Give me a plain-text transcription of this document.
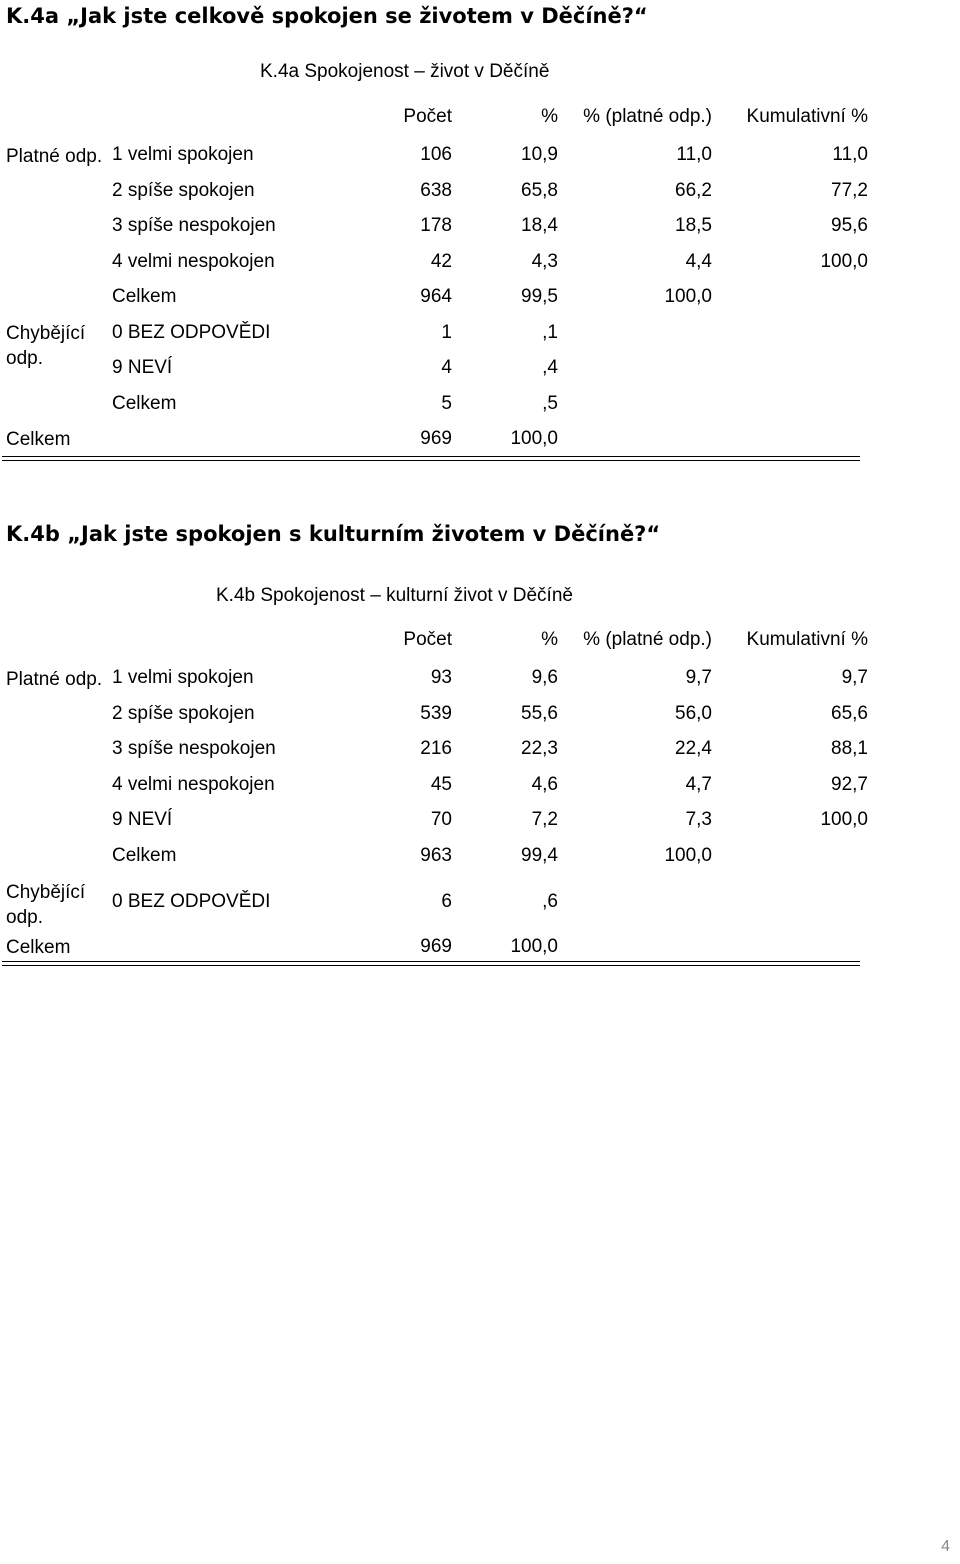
K.4a „Jak jste celkově spokojen se životem v Děčíně?“
K.4a Spokojenost – život v Děčíně
		Počet	%	% (platné odp.)	Kumulativní %
Platné odp.	1 velmi spokojen	106	10,9	11,0	11,0
	2 spíše spokojen	638	65,8	66,2	77,2
	3 spíše nespokojen	178	18,4	18,5	95,6
	4 velmi nespokojen	42	4,3	4,4	100,0
	Celkem	964	99,5	100,0	
Chybějící odp.	0 BEZ ODPOVĚDI	1	,1		
	9 NEVÍ	4	,4		
	Celkem	5	,5		
Celkem		969	100,0		
K.4b „Jak jste spokojen s kulturním životem v Děčíně?“
K.4b Spokojenost – kulturní život v Děčíně
		Počet	%	% (platné odp.)	Kumulativní %
Platné odp.	1 velmi spokojen	93	9,6	9,7	9,7
	2 spíše spokojen	539	55,6	56,0	65,6
	3 spíše nespokojen	216	22,3	22,4	88,1
	4 velmi nespokojen	45	4,6	4,7	92,7
	9 NEVÍ	70	7,2	7,3	100,0
	Celkem	963	99,4	100,0	
Chybějící odp.	0 BEZ ODPOVĚDI	6	,6		
Celkem		969	100,0		
4
